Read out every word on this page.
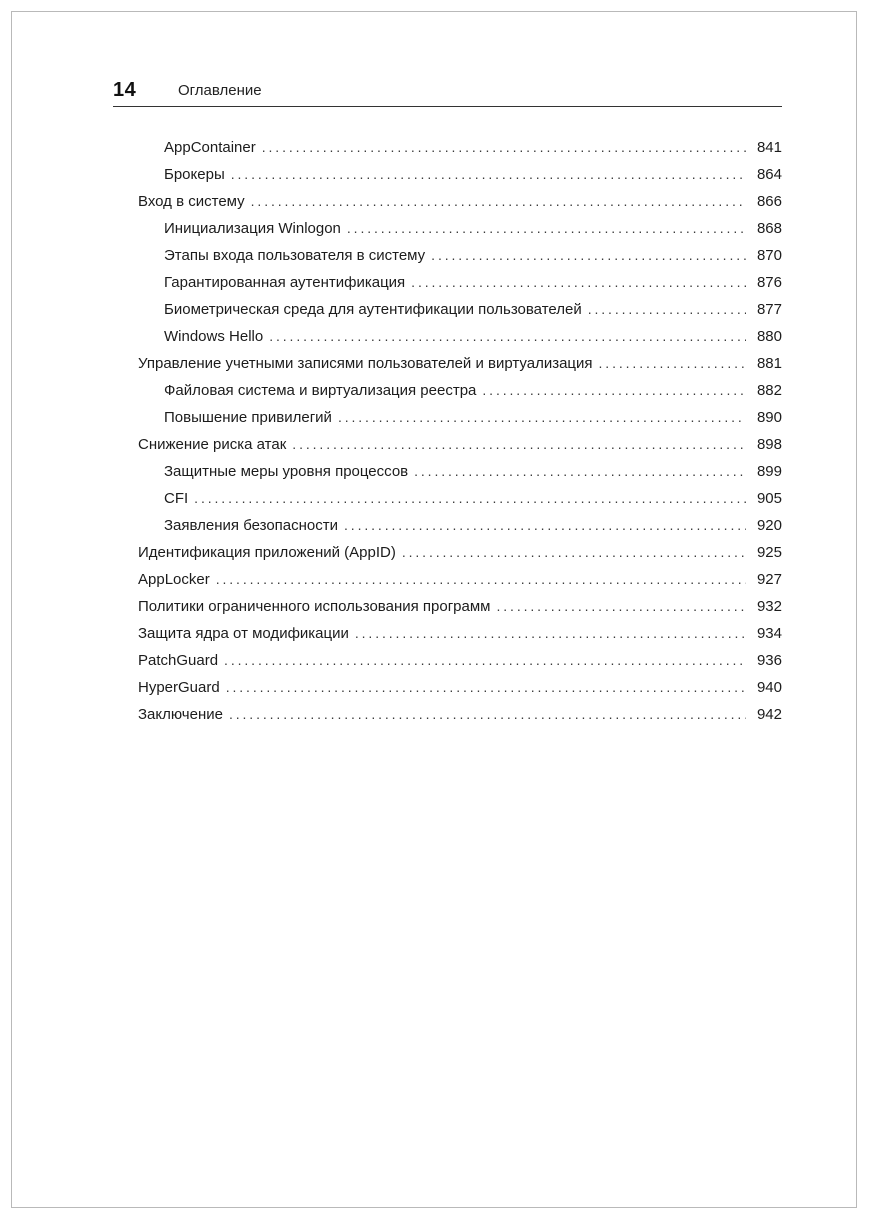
14	Оглавление
AppContainer . . .	841
Брокеры . . .	864
Вход в систему . . .	866
Инициализация Winlogon . . .	868
Этапы входа пользователя в систему . . .	870
Гарантированная аутентификация . . .	876
Биометрическая среда для аутентификации пользователей . . .	877
Windows Hello . . .	880
Управление учетными записями пользователей и виртуализация . . .	881
Файловая система и виртуализация реестра . . .	882
Повышение привилегий . . .	890
Снижение риска атак . . .	898
Защитные меры уровня процессов . . .	899
CFI . . .	905
Заявления безопасности . . .	920
Идентификация приложений (AppID) . . .	925
AppLocker . . .	927
Политики ограниченного использования программ . . .	932
Защита ядра от модификации . . .	934
PatchGuard . . .	936
HyperGuard . . .	940
Заключение . . .	942
